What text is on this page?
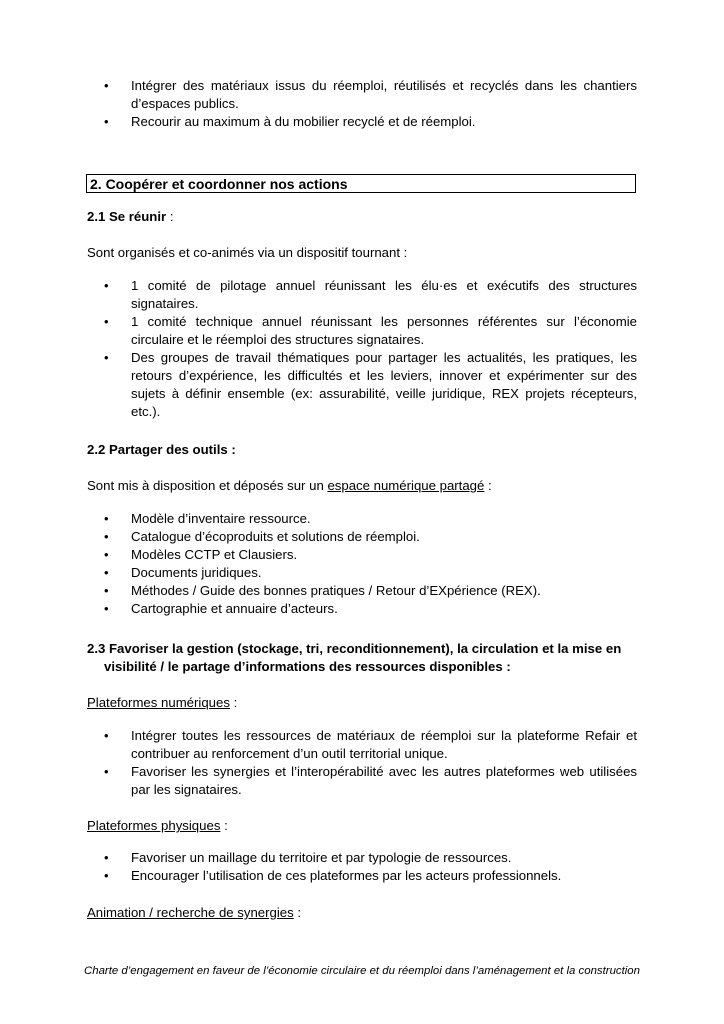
• Intégrer des matériaux issus du réemploi, réutilisés et recyclés dans les chantiers d’espaces publics.
• Recourir au maximum à du mobilier recyclé et de réemploi.
2. Coopérer et coordonner nos actions
2.1 Se réunir :
Sont organisés et co-animés via un dispositif tournant :
• 1 comité de pilotage annuel réunissant les élu·es et exécutifs des structures signataires.
• 1 comité technique annuel réunissant les personnes référentes sur l’économie circulaire et le réemploi des structures signataires.
• Des groupes de travail thématiques pour partager les actualités, les pratiques, les retours d’expérience, les difficultés et les leviers, innover et expérimenter sur des sujets à définir ensemble (ex: assurabilité, veille juridique, REX projets récepteurs, etc.).
2.2 Partager des outils :
Sont mis à disposition et déposés sur un espace numérique partagé :
• Modèle d’inventaire ressource.
• Catalogue d’écoproduits et solutions de réemploi.
• Modèles CCTP et Clausiers.
• Documents juridiques.
• Méthodes / Guide des bonnes pratiques / Retour d’EXpérience (REX).
• Cartographie et annuaire d’acteurs.
2.3 Favoriser la gestion (stockage, tri, reconditionnement), la circulation et la mise en
visibilité / le partage d’informations des ressources disponibles :
Plateformes numériques :
• Intégrer toutes les ressources de matériaux de réemploi sur la plateforme Refair et contribuer au renforcement d’un outil territorial unique.
• Favoriser les synergies et l’interopérabilité avec les autres plateformes web utilisées par les signataires.
Plateformes physiques :
• Favoriser un maillage du territoire et par typologie de ressources.
• Encourager l’utilisation de ces plateformes par les acteurs professionnels.
Animation / recherche de synergies :
Charte d’engagement en faveur de l’économie circulaire et du réemploi dans l’aménagement et la construction
